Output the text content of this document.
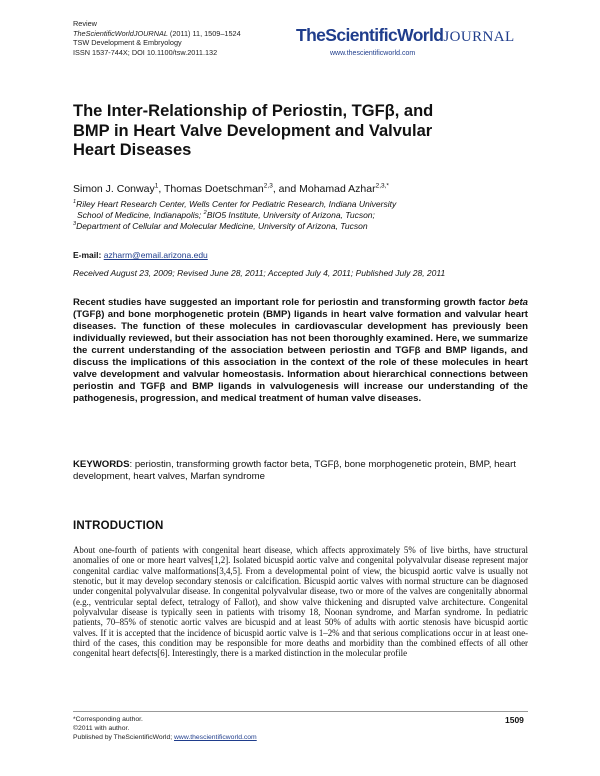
Review
TheScientificWorldJOURNAL (2011) 11, 1509–1524
TSW Development & Embryology
ISSN 1537-744X; DOI 10.1100/tsw.2011.132
TheScientificWorldJOURNAL
www.thescientificworld.com
The Inter-Relationship of Periostin, TGFβ, and BMP in Heart Valve Development and Valvular Heart Diseases
Simon J. Conway$^1$, Thomas Doetschman$^{2,3}$, and Mohamad Azhar$^{2,3,*}$
$^1$Riley Heart Research Center, Wells Center for Pediatric Research, Indiana University
School of Medicine, Indianapolis; $^2$BIO5 Institute, University of Arizona, Tucson;
$^3$Department of Cellular and Molecular Medicine, University of Arizona, Tucson
E-mail: azharm@email.arizona.edu
Received August 23, 2009; Revised June 28, 2011; Accepted July 4, 2011; Published July 28, 2011
Recent studies have suggested an important role for periostin and transforming growth factor beta (TGFβ) and bone morphogenetic protein (BMP) ligands in heart valve formation and valvular heart diseases. The function of these molecules in cardiovascular development has previously been individually reviewed, but their association has not been thoroughly examined. Here, we summarize the current understanding of the association between periostin and TGFβ and BMP ligands, and discuss the implications of this association in the context of the role of these molecules in heart valve development and valvular homeostasis. Information about hierarchical connections between periostin and TGFβ and BMP ligands in valvulogenesis will increase our understanding of the pathogenesis, progression, and medical treatment of human valve diseases.
KEYWORDS: periostin, transforming growth factor beta, TGFβ, bone morphogenetic protein, BMP, heart development, heart valves, Marfan syndrome
INTRODUCTION
About one-fourth of patients with congenital heart disease, which affects approximately 5% of live births, have structural anomalies of one or more heart valves[1,2]. Isolated bicuspid aortic valve and congenital polyvalvular disease represent major congenital cardiac valve malformations[3,4,5]. From a developmental point of view, the bicuspid aortic valve is usually not stenotic, but it may develop secondary stenosis or calcification. Bicuspid aortic valves with normal structure can be diagnosed under congenital polyvalvular disease. In congenital polyvalvular disease, two or more of the valves are congenitally abnormal (e.g., ventricular septal defect, tetralogy of Fallot), and show valve thickening and disrupted valve architecture. Congenital polyvalvular disease is typically seen in patients with trisomy 18, Noonan syndrome, and Marfan syndrome. In pediatric patients, 70–85% of stenotic aortic valves are bicuspid and at least 50% of adults with aortic stenosis have bicuspid aortic valves. If it is accepted that the incidence of bicuspid aortic valve is 1–2% and that serious complications occur in at least one-third of the cases, this condition may be responsible for more deaths and morbidity than the combined effects of all other congenital heart defects[6]. Interestingly, there is a marked distinction in the molecular profile
*Corresponding author.
©2011 with author.
Published by TheScientificWorld; www.thescientificworld.com
1509
